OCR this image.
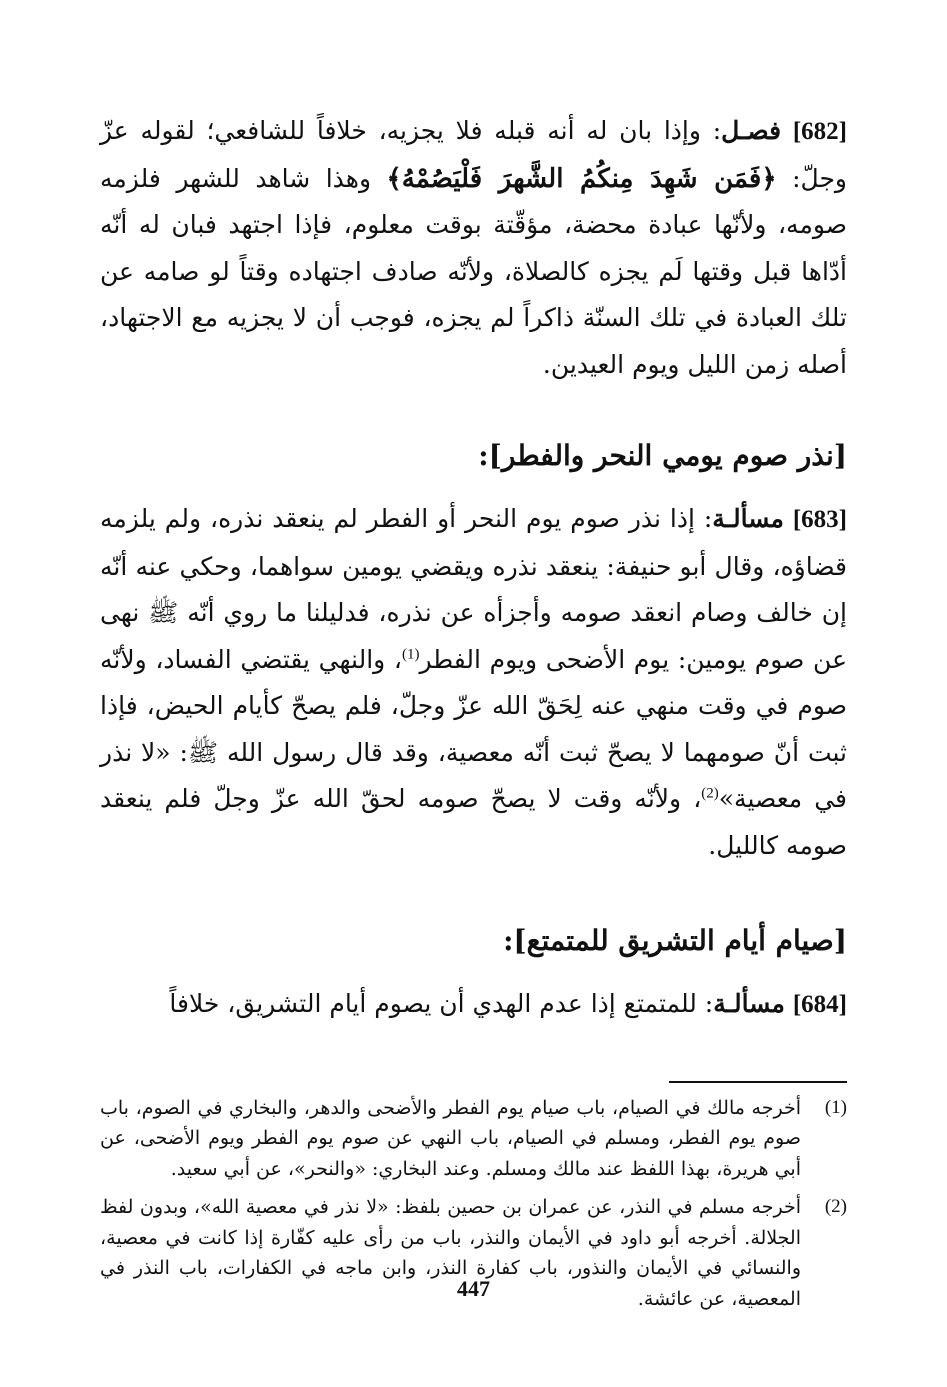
[682] فصـل: وإذا بان له أنه قبله فلا يجزيه، خلافاً للشافعي؛ لقوله عزّ وجلّ: ﴿فَمَن شَهِدَ مِنكُمُ الشَّهرَ فَلْيَصُمْهُ﴾ وهذا شاهد للشهر فلزمه صومه، ولأنّها عبادة محضة، مؤقّتة بوقت معلوم، فإذا اجتهد فبان له أنّه أدّاها قبل وقتها لَم يجزه كالصلاة، ولأنّه صادف اجتهاده وقتاً لو صامه عن تلك العبادة في تلك السنّة ذاكراً لم يجزه، فوجب أن لا يجزيه مع الاجتهاد، أصله زمن الليل ويوم العيدين.

[نذر صوم يومي النحر والفطر]:

[683] مسألـة: إذا نذر صوم يوم النحر أو الفطر لم ينعقد نذره، ولم يلزمه قضاؤه، وقال أبو حنيفة: ينعقد نذره ويقضي يومين سواهما، وحكي عنه أنّه إن خالف وصام انعقد صومه وأجزأه عن نذره، فدليلنا ما روي أنّه ﷺ نهى عن صوم يومين: يوم الأضحى ويوم الفطر$^{(1)}$، والنهي يقتضي الفساد، ولأنّه صوم في وقت منهي عنه لِحَقّ الله عزّ وجلّ، فلم يصحّ كأيام الحيض، فإذا ثبت أنّ صومهما لا يصحّ ثبت أنّه معصية، وقد قال رسول الله ﷺ: «لا نذر في معصية»$^{(2)}$، ولأنّه وقت لا يصحّ صومه لحقّ الله عزّ وجلّ فلم ينعقد صومه كالليل.

[صيام أيام التشريق للمتمتع]:

[684] مسألـة: للمتمتع إذا عدم الهدي أن يصوم أيام التشريق، خلافاً

(1)
أخرجه مالك في الصيام، باب صيام يوم الفطر والأضحى والدهر، والبخاري في الصوم، باب صوم يوم الفطر، ومسلم في الصيام، باب النهي عن صوم يوم الفطر ويوم الأضحى، عن أبي هريرة، بهذا اللفظ عند مالك ومسلم. وعند البخاري: «والنحر»، عن أبي سعيد.
(2)
أخرجه مسلم في النذر، عن عمران بن حصين بلفظ: «لا نذر في معصية الله»، وبدون لفظ الجلالة. أخرجه أبو داود في الأيمان والنذر، باب من رأى عليه كفّارة إذا كانت في معصية، والنسائي في الأيمان والنذور، باب كفارة النذر، وابن ماجه في الكفارات، باب النذر في المعصية، عن عائشة.
447
